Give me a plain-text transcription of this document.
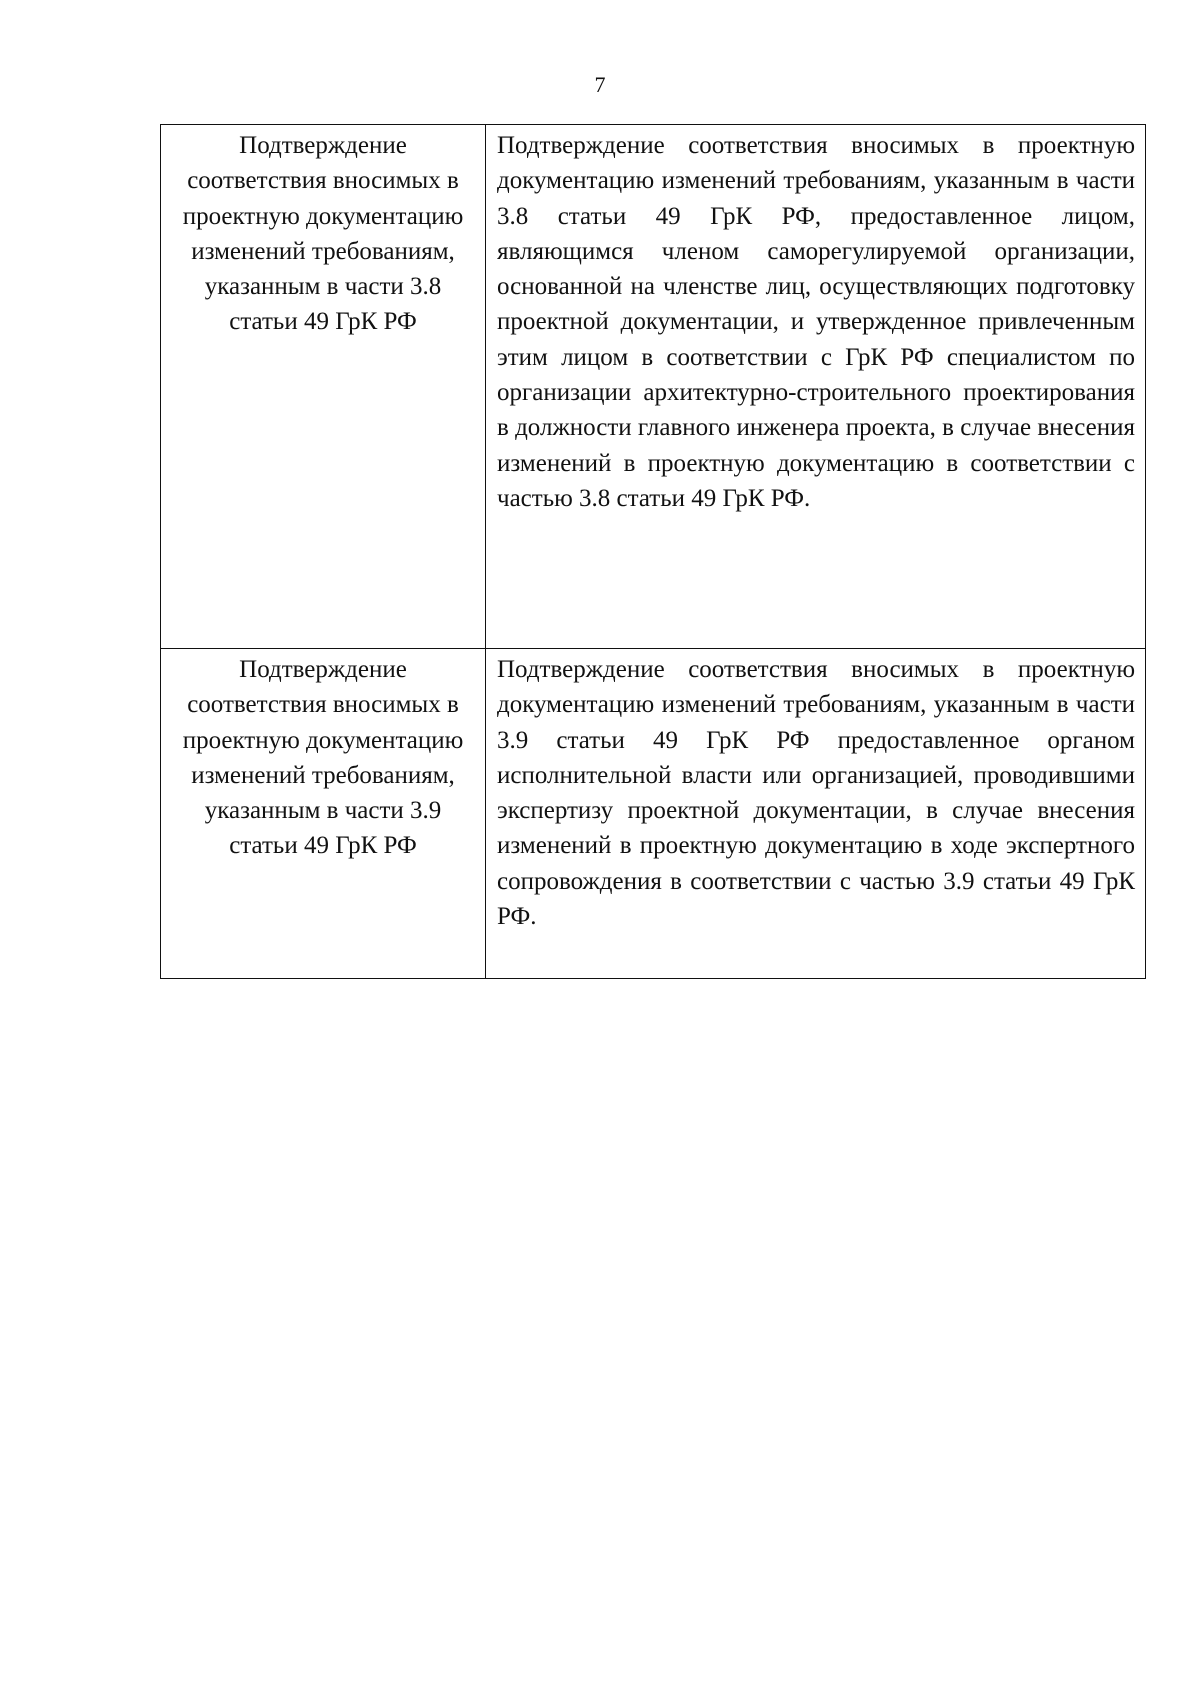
7
Подтверждение соответствия вносимых в проектную документацию изменений требованиям, указанным в части 3.8 статьи 49 ГрК РФ	Подтверждение соответствия вносимых в проектную документацию изменений требованиям, указанным в части 3.8 статьи 49 ГрК РФ, предоставленное лицом, являющимся членом саморегулируемой организации, основанной на членстве лиц, осуществляющих подготовку проектной документации, и утвержденное привлеченным этим лицом в соответствии с ГрК РФ специалистом по организации архитектурно-строительного проектирования в должности главного инженера проекта, в случае внесения изменений в проектную документацию в соответствии с частью 3.8 статьи 49 ГрК РФ.
Подтверждение соответствия вносимых в проектную документацию изменений требованиям, указанным в части 3.9 статьи 49 ГрК РФ	Подтверждение соответствия вносимых в проектную документацию изменений требованиям, указанным в части 3.9 статьи 49 ГрК РФ предоставленное органом исполнительной власти или организацией, проводившими экспертизу проектной документации, в случае внесения изменений в проектную документацию в ходе экспертного сопровождения в соответствии с частью 3.9 статьи 49 ГрК РФ.
